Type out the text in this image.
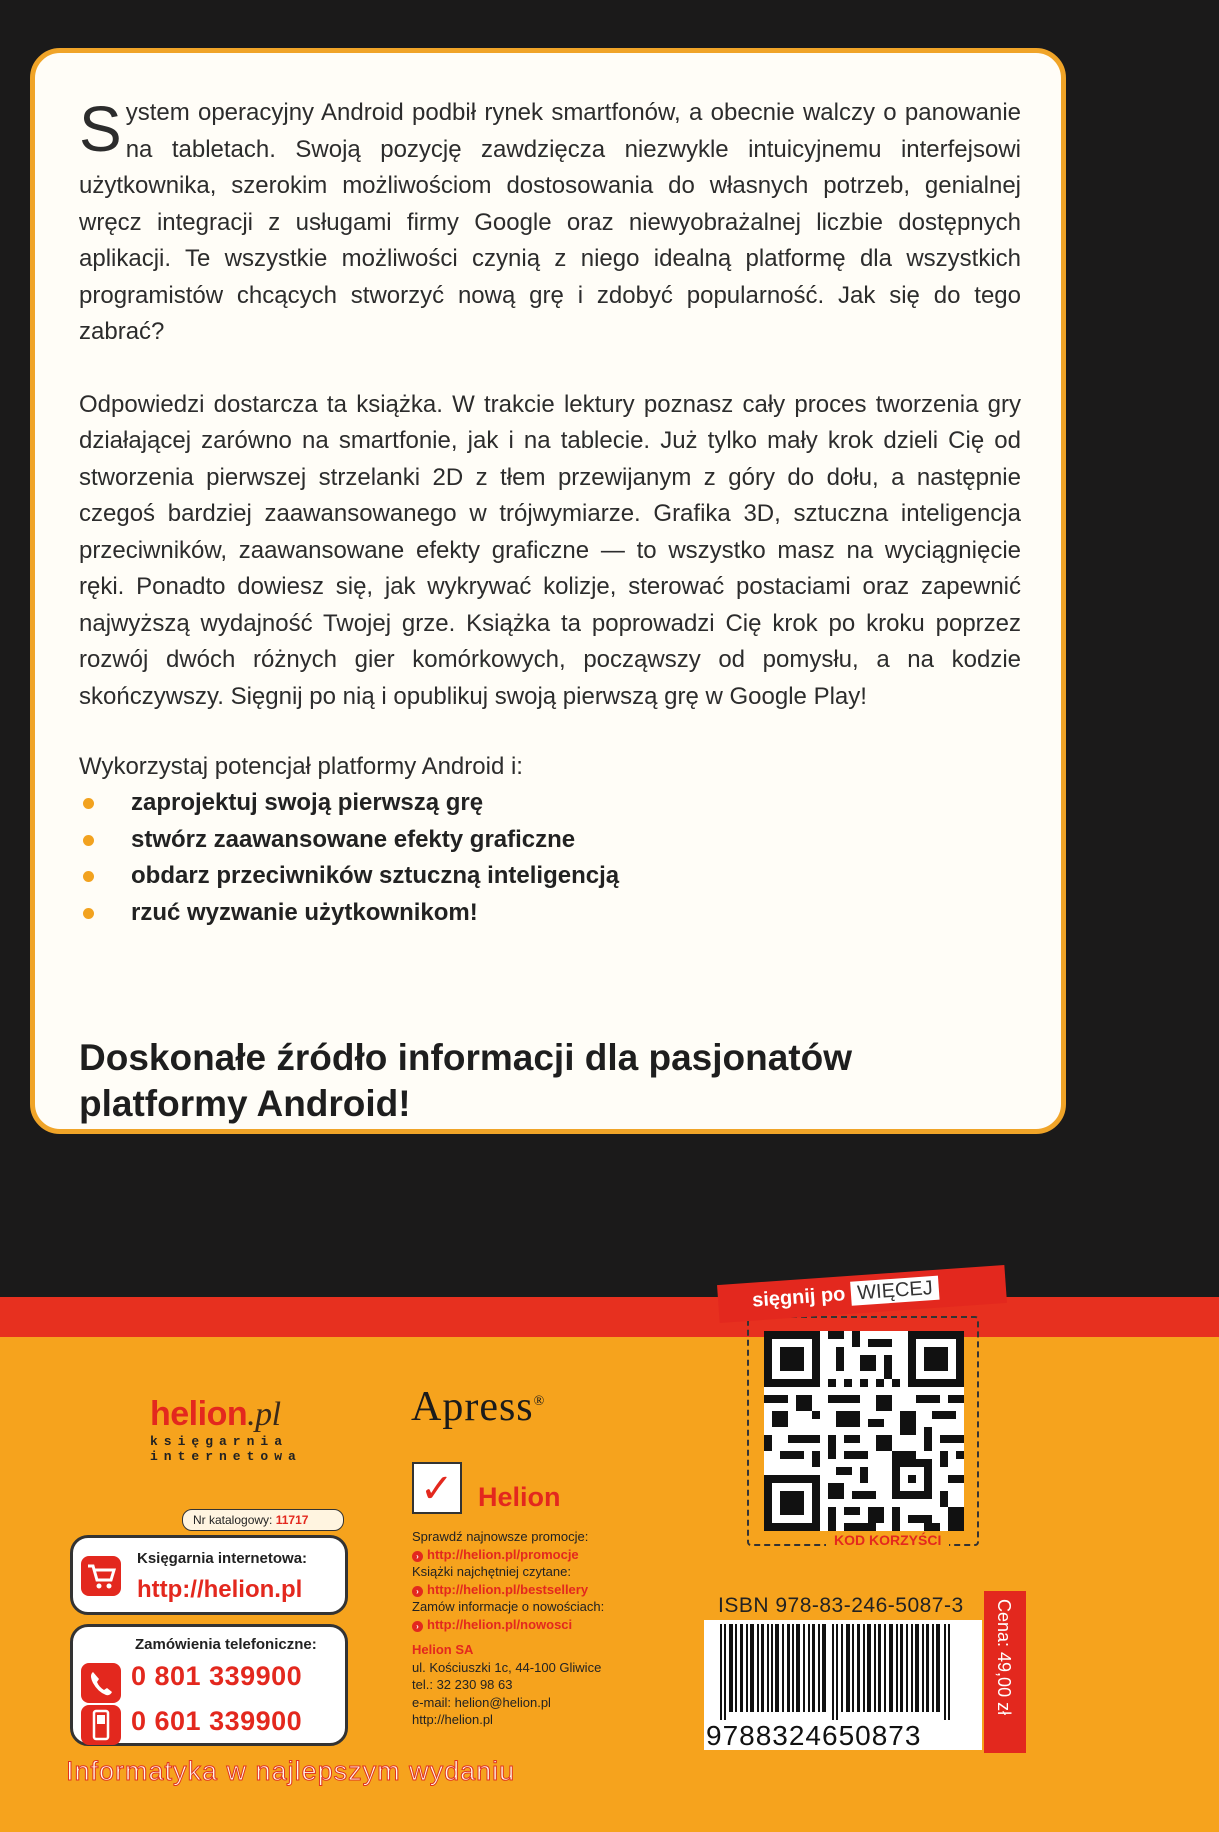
System operacyjny Android podbił rynek smartfonów, a obecnie walczy o panowanie na tabletach. Swoją pozycję zawdzięcza niezwykle intuicyjnemu interfejsowi użytkownika, szerokim możliwościom dostosowania do własnych potrzeb, genialnej wręcz integracji z usługami firmy Google oraz niewyobrażalnej liczbie dostępnych aplikacji. Te wszystkie możliwości czynią z niego idealną platformę dla wszystkich programistów chcących stworzyć nową grę i zdobyć popularność. Jak się do tego zabrać?

Odpowiedzi dostarcza ta książka. W trakcie lektury poznasz cały proces tworzenia gry działającej zarówno na smartfonie, jak i na tablecie. Już tylko mały krok dzieli Cię od stworzenia pierwszej strzelanki 2D z tłem przewijanym z góry do dołu, a następnie czegoś bardziej zaawansowanego w trójwymiarze. Grafika 3D, sztuczna inteligencja przeciwników, zaawansowane efekty graficzne — to wszystko masz na wyciągnięcie ręki. Ponadto dowiesz się, jak wykrywać kolizje, sterować postaciami oraz zapewnić najwyższą wydajność Twojej grze. Książka ta poprowadzi Cię krok po kroku poprzez rozwój dwóch różnych gier komórkowych, począwszy od pomysłu, a na kodzie skończywszy. Sięgnij po nią i opublikuj swoją pierwszą grę w Google Play!

Wykorzystaj potencjał platformy Android i:

zaprojektuj swoją pierwszą grę
stwórz zaawansowane efekty graficzne
obdarz przeciwników sztuczną inteligencją
rzuć wyzwanie użytkownikom!
Doskonałe źródło informacji dla pasjonatów
platformy Android!
helion.pl
księgarnia
internetowa
Nr katalogowy: 11717
Księgarnia internetowa:
http://helion.pl
Zamówienia telefoniczne:
0 801 339900
0 601 339900
Informatyka w najlepszym wydaniu
Apress®
✓ Helion
Sprawdź najnowsze promocje:
› http://helion.pl/promocje
Książki najchętniej czytane:
› http://helion.pl/bestsellery
Zamów informacje o nowościach:
› http://helion.pl/nowosci
Helion SA
ul. Kościuszki 1c, 44-100 Gliwice
tel.: 32 230 98 63
e-mail: helion@helion.pl
http://helion.pl
sięgnij po WIĘCEJ
KOD KORZYŚCI
ISBN 978-83-246-5087-3
9788324650873
Cena: 49,00 zł
